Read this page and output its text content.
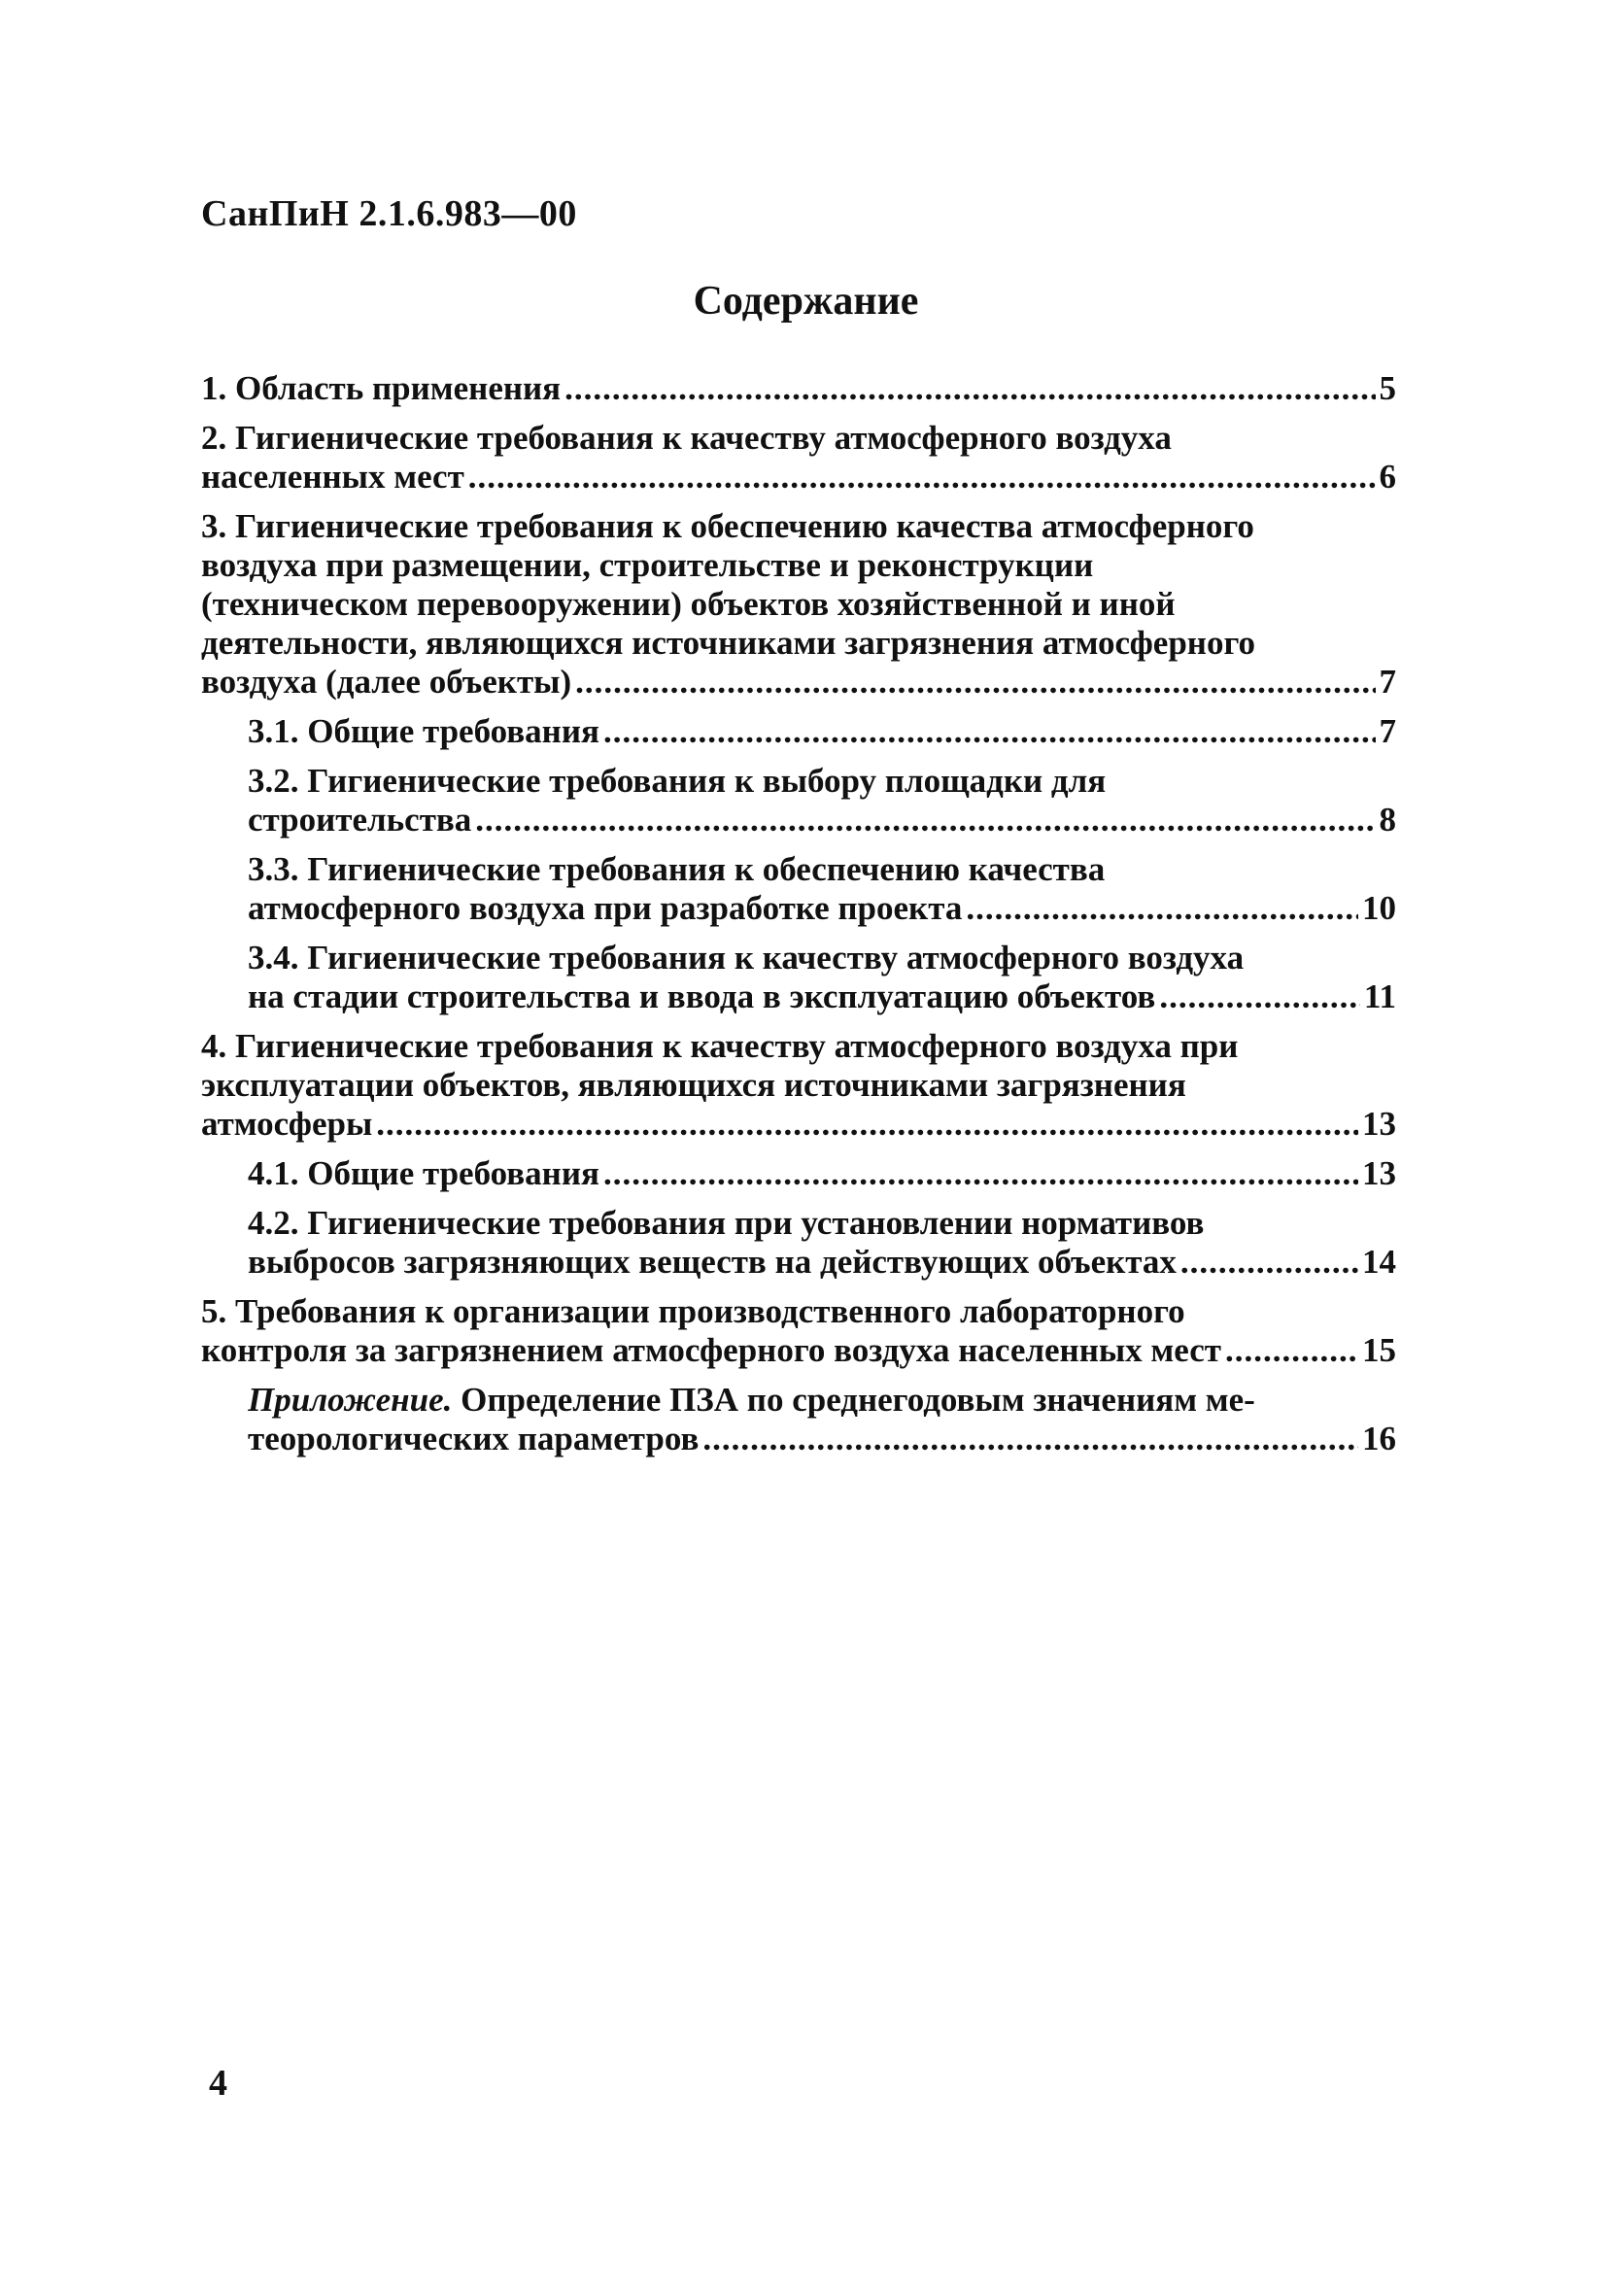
СанПиН 2.1.6.983—00
Содержание
1. Область применения .....	5
2. Гигиенические требования к качеству атмосферного воздуха
населенных мест .....	6
3. Гигиенические требования к обеспечению качества атмосферного
воздуха при размещении, строительстве и реконструкции
(техническом перевооружении) объектов хозяйственной и иной
деятельности, являющихся источниками загрязнения атмосферного
воздуха (далее объекты) .....	7
3.1. Общие требования .....	7
3.2. Гигиенические требования к выбору площадки для
строительства .....	8
3.3. Гигиенические требования к обеспечению качества
атмосферного воздуха при разработке проекта .....	10
3.4. Гигиенические требования к качеству атмосферного воздуха
на стадии строительства и ввода в эксплуатацию объектов .....	11
4. Гигиенические требования к качеству атмосферного воздуха при
эксплуатации объектов, являющихся источниками загрязнения
атмосферы .....	13
4.1. Общие требования .....	13
4.2. Гигиенические требования при установлении нормативов
выбросов загрязняющих веществ на действующих объектах .....	14
5. Требования к организации производственного лабораторного
контроля за загрязнением атмосферного воздуха населенных мест .....	15
Приложение. Определение ПЗА по среднегодовым значениям ме-
теорологических параметров .....	16
4
